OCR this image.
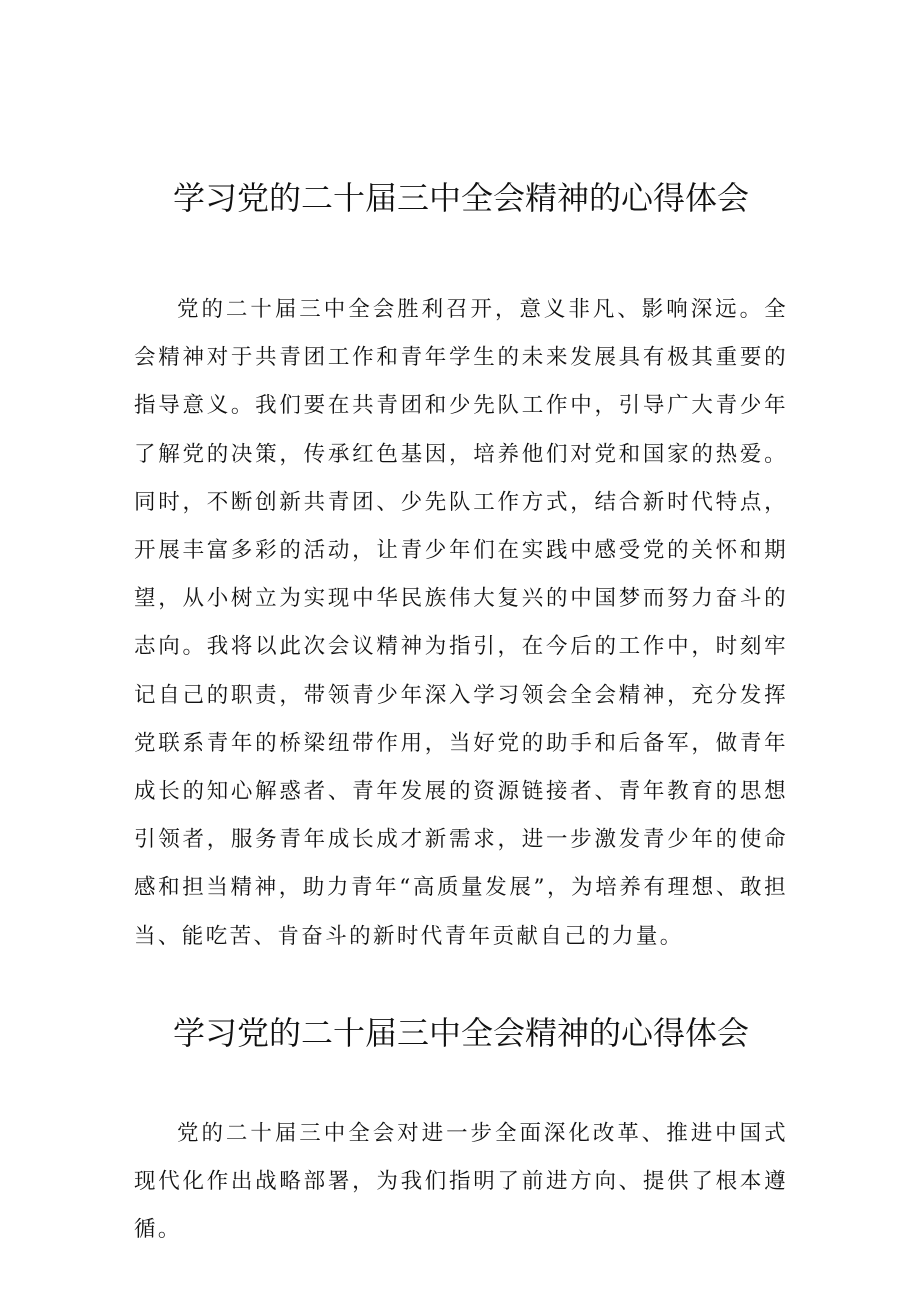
学习党的二十届三中全会精神的心得体会

党的二十届三中全会胜利召开，意义非凡、影响深远。全会精神对于共青团工作和青年学生的未来发展具有极其重要的指导意义。我们要在共青团和少先队工作中，引导广大青少年了解党的决策，传承红色基因，培养他们对党和国家的热爱。同时，不断创新共青团、少先队工作方式，结合新时代特点，开展丰富多彩的活动，让青少年们在实践中感受党的关怀和期望，从小树立为实现中华民族伟大复兴的中国梦而努力奋斗的志向。我将以此次会议精神为指引，在今后的工作中，时刻牢记自己的职责，带领青少年深入学习领会全会精神，充分发挥党联系青年的桥梁纽带作用，当好党的助手和后备军，做青年成长的知心解惑者、青年发展的资源链接者、青年教育的思想引领者，服务青年成长成才新需求，进一步激发青少年的使命感和担当精神，助力青年“高质量发展”，为培养有理想、敢担当、能吃苦、肯奋斗的新时代青年贡献自己的力量。

学习党的二十届三中全会精神的心得体会

党的二十届三中全会对进一步全面深化改革、推进中国式现代化作出战略部署，为我们指明了前进方向、提供了根本遵循。
